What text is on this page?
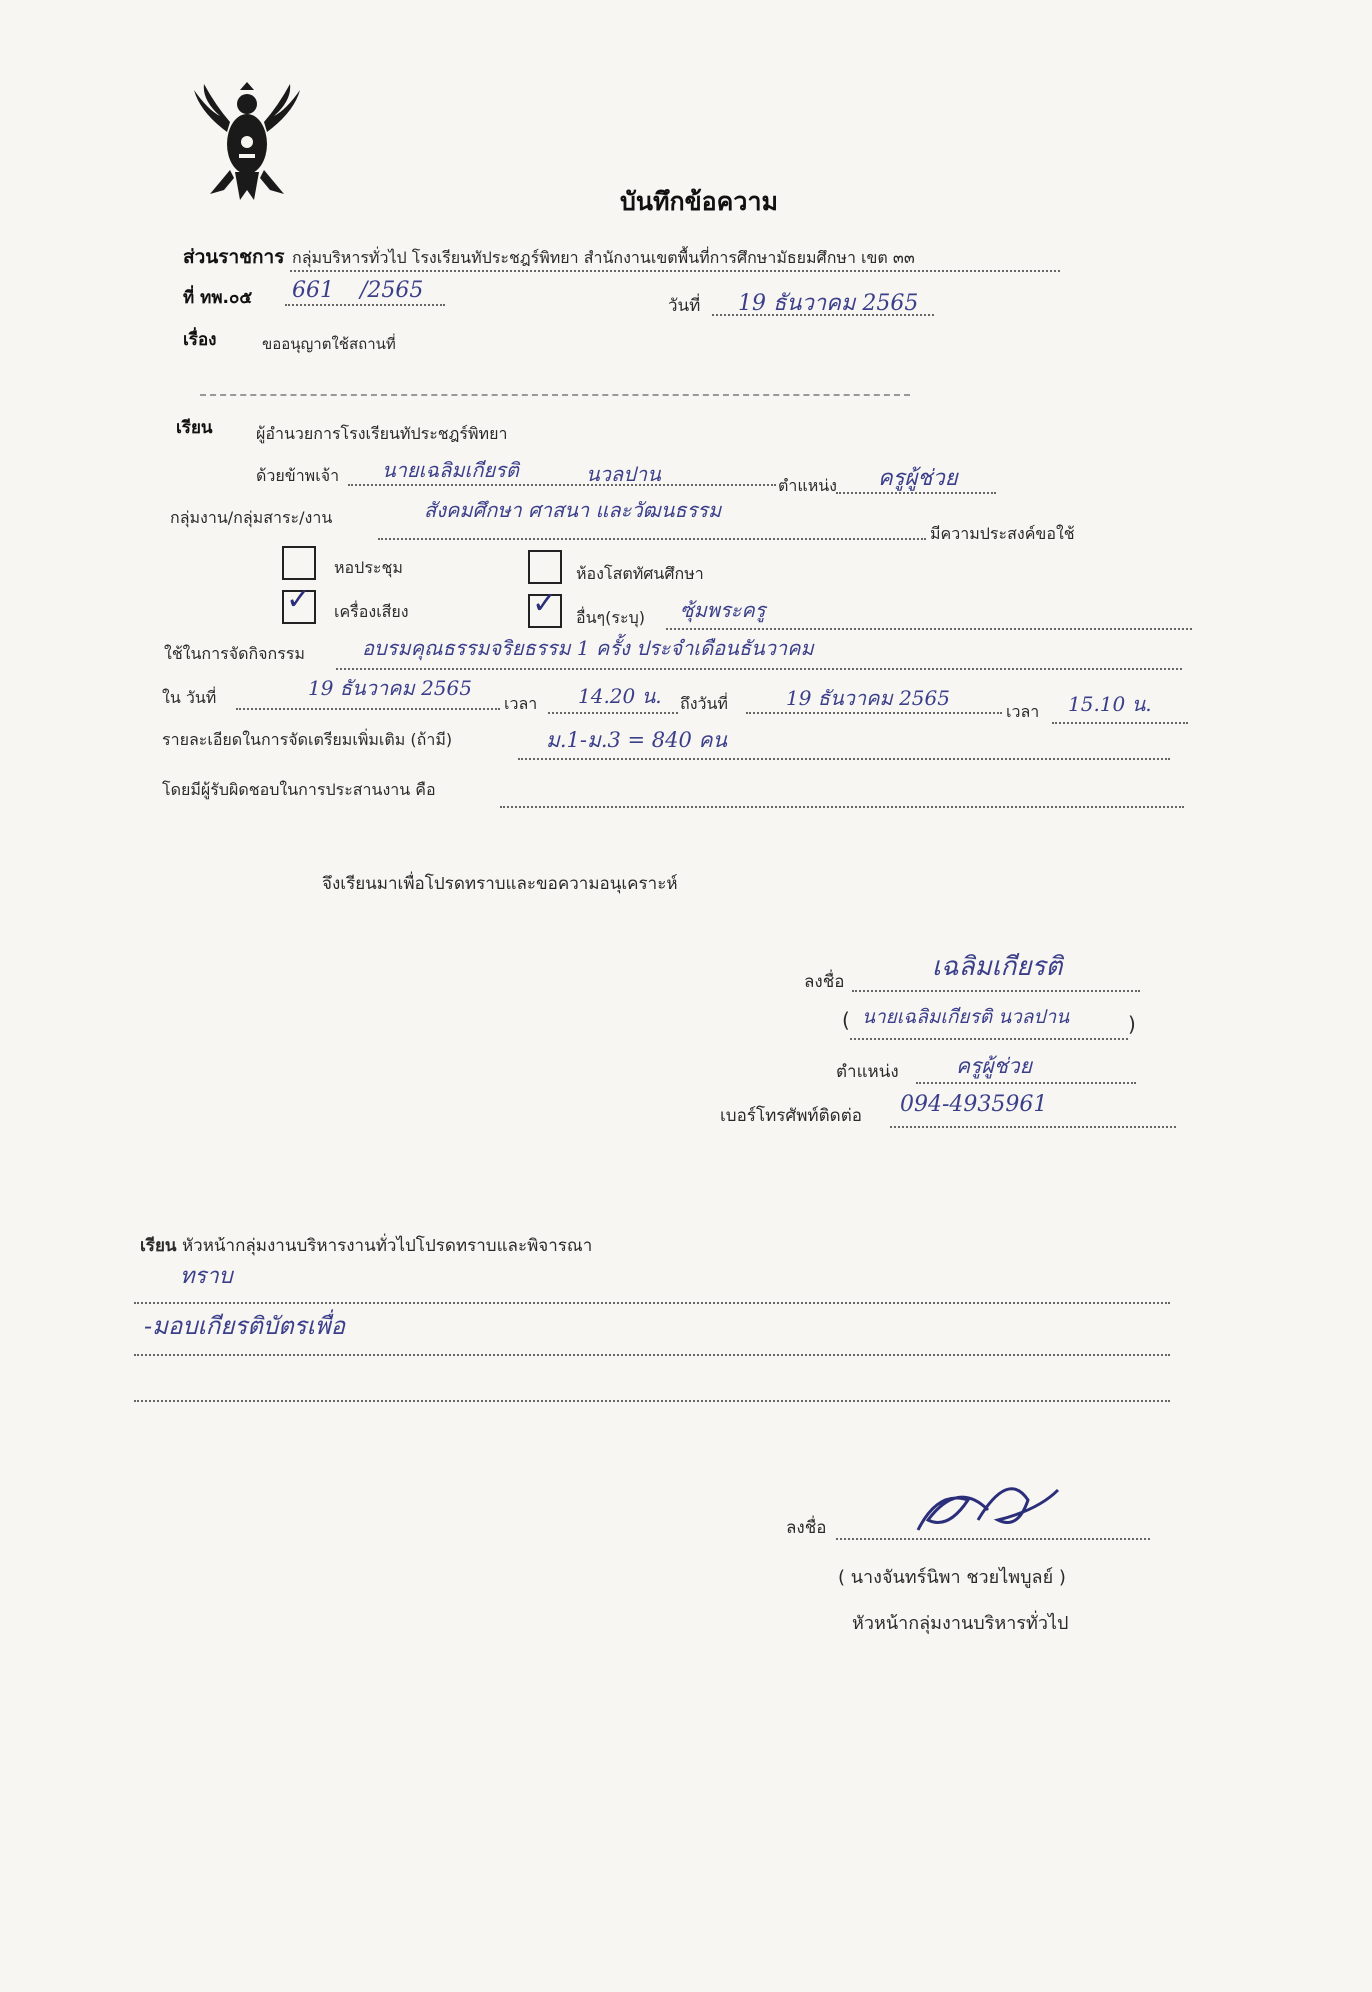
บันทึกข้อความ
ส่วนราชการ กลุ่มบริหารทั่วไป โรงเรียนทัประชฎร์พิทยา สำนักงานเขตพื้นที่การศึกษามัธยมศึกษา เขต ๓๓
ที่ ทพ.๐๕ 661 /2565
วันที่ 19 ธันวาคม 2565
เรื่อง	ขออนุญาตใช้สถานที่
เรียน	ผู้อำนวยการโรงเรียนทัประชฎร์พิทยา
ด้วยข้าพเจ้า นายเฉลิมเกียรติ	นวลปาน	ตำแหน่ง ครูผู้ช่วย
กลุ่มงาน/กลุ่มสาระ/งาน	สังคมศึกษา ศาสนา และวัฒนธรรม
มีความประสงค์ขอใช้
หอประชุม	ห้องโสตทัศนศึกษา
✓ เครื่องเสียง	✓ อื่นๆ(ระบุ) ซุ้มพระครู
ใช้ในการจัดกิจกรรม	อบรมคุณธรรมจริยธรรม 1 ครั้ง ประจำเดือนธันวาคม
ใน วันที่	19 ธันวาคม 2565
เวลา 14.20 น. ถึงวันที่	19 ธันวาคม 2565
เวลา 15.10 น.
รายละเอียดในการจัดเตรียมเพิ่มเติม (ถ้ามี)	ม.1-ม.3 = 840 คน
โดยมีผู้รับผิดชอบในการประสานงาน คือ
จึงเรียนมาเพื่อโปรดทราบและขอความอนุเคราะห์
เฉลิมเกียรติ
ลงชื่อ
( นายเฉลิมเกียรติ นวลปาน	)
ตำแหน่ง	ครูผู้ช่วย
เบอร์โทรศัพท์ติดต่อ 094-4935961
เรียน หัวหน้ากลุ่มงานบริหารงานทั่วไปโปรดทราบและพิจารณา
ทราบ
-มอบเกียรติบัตรเพื่อ
ลงชื่อ
( นางจันทร์นิพา ชวยไพบูลย์ )
หัวหน้ากลุ่มงานบริหารทั่วไป
